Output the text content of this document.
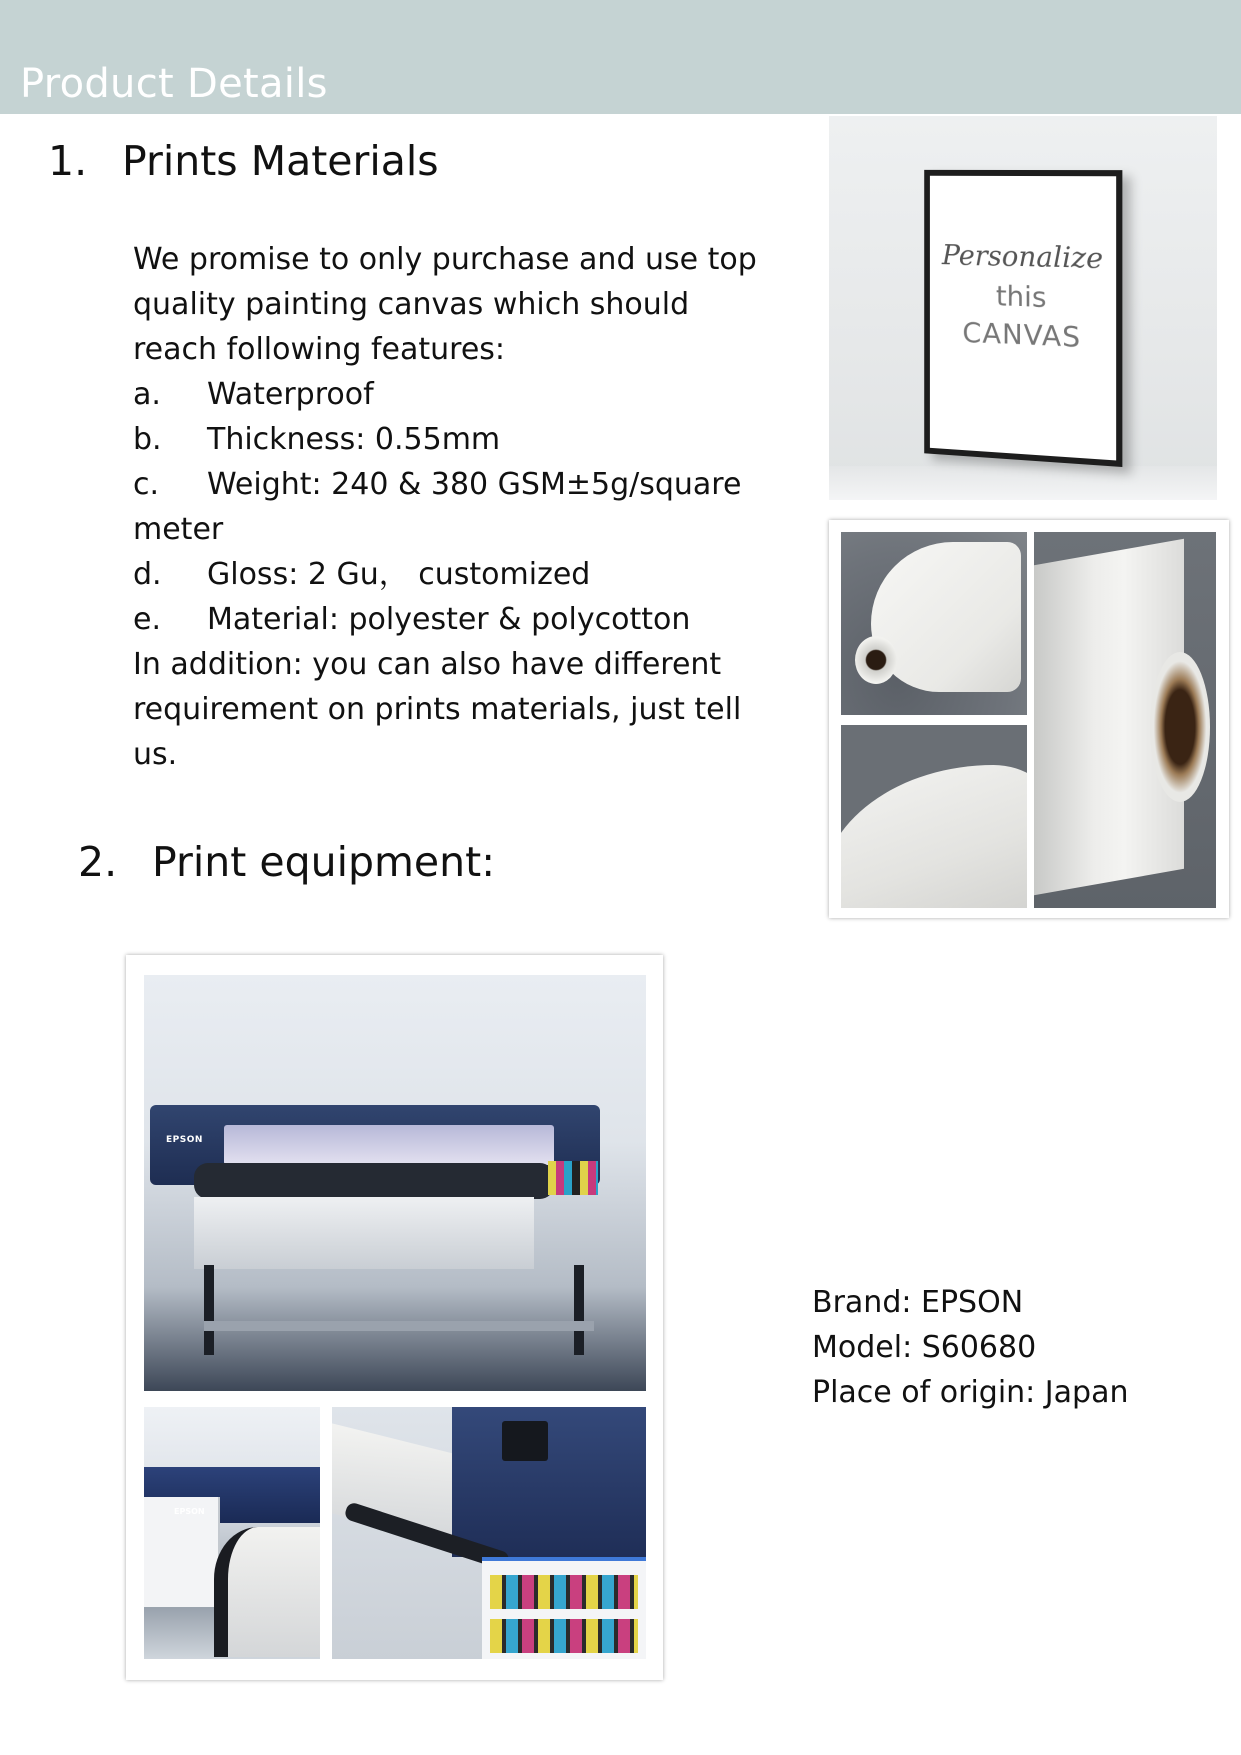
Product Details
1. Prints Materials
We promise to only purchase and use top
quality painting canvas which should
reach following features:
a. Waterproof
b. Thickness: 0.55mm
c. Weight: 240 & 380 GSM±5g/square
meter
d. Gloss: 2 Gu， customized
e. Material: polyester & polycotton
In addition: you can also have different
requirement on prints materials, just tell
us.
2. Print equipment:
Personalize
this
CANVAS
EPSON
EPSON
Brand: EPSON
Model: S60680
Place of origin: Japan
